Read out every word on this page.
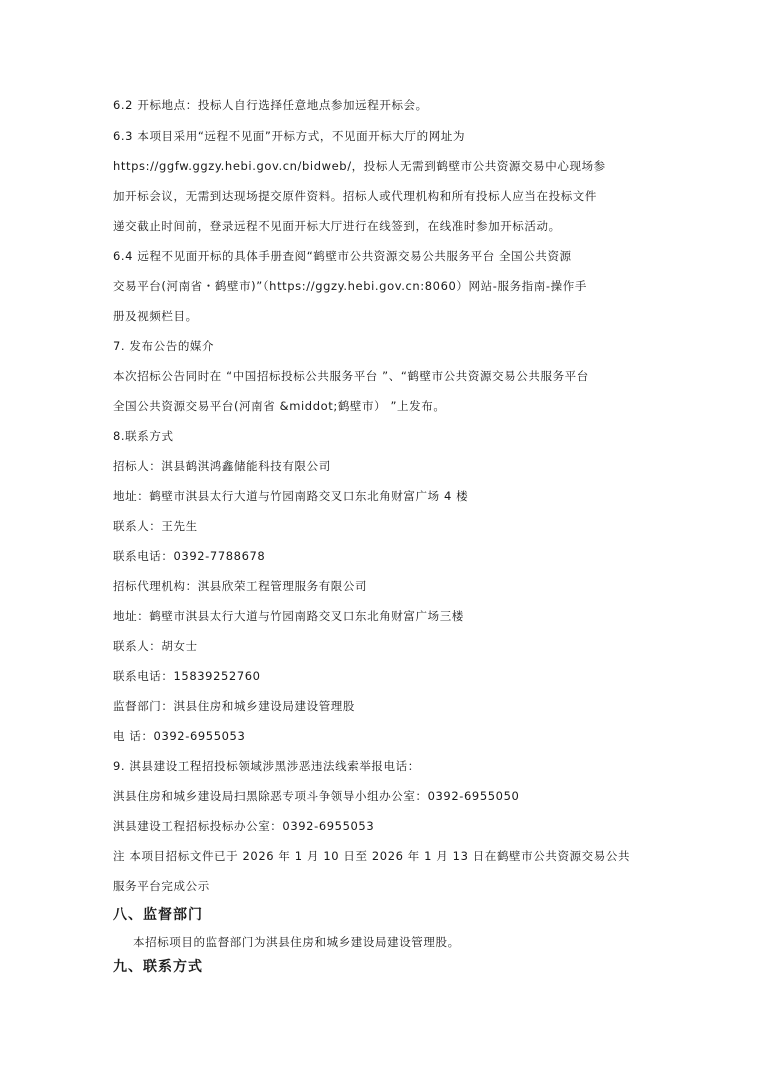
6.2 开标地点：投标人自行选择任意地点参加远程开标会。
6.3 本项目采用“远程不见面”开标方式，不见面开标大厅的网址为
https://ggfw.ggzy.hebi.gov.cn/bidweb/，投标人无需到鹤壁市公共资源交易中心现场参
加开标会议，无需到达现场提交原件资料。招标人或代理机构和所有投标人应当在投标文件
递交截止时间前，登录远程不见面开标大厅进行在线签到，在线准时参加开标活动。
6.4 远程不见面开标的具体手册查阅“鹤壁市公共资源交易公共服务平台 全国公共资源
交易平台(河南省・鹤壁市)”（https://ggzy.hebi.gov.cn:8060）网站-服务指南-操作手
册及视频栏目。
7. 发布公告的媒介
本次招标公告同时在 “中国招标投标公共服务平台 ”、“鹤壁市公共资源交易公共服务平台
全国公共资源交易平台(河南省 &middot;鹤壁市） ”上发布。
8.联系方式
招标人：淇县鹤淇鸿鑫储能科技有限公司
地址：鹤壁市淇县太行大道与竹园南路交叉口东北角财富广场 4 楼
联系人：王先生
联系电话：0392-7788678
招标代理机构：淇县欣荣工程管理服务有限公司
地址：鹤壁市淇县太行大道与竹园南路交叉口东北角财富广场三楼
联系人：胡女士
联系电话：15839252760
监督部门：淇县住房和城乡建设局建设管理股
电 话：0392-6955053
9. 淇县建设工程招投标领域涉黑涉恶违法线索举报电话：
淇县住房和城乡建设局扫黑除恶专项斗争领导小组办公室：0392-6955050
淇县建设工程招标投标办公室：0392-6955053
注 本项目招标文件已于 2026 年 1 月 10 日至 2026 年 1 月 13 日在鹤壁市公共资源交易公共
服务平台完成公示
八、监督部门
本招标项目的监督部门为淇县住房和城乡建设局建设管理股。
九、联系方式
